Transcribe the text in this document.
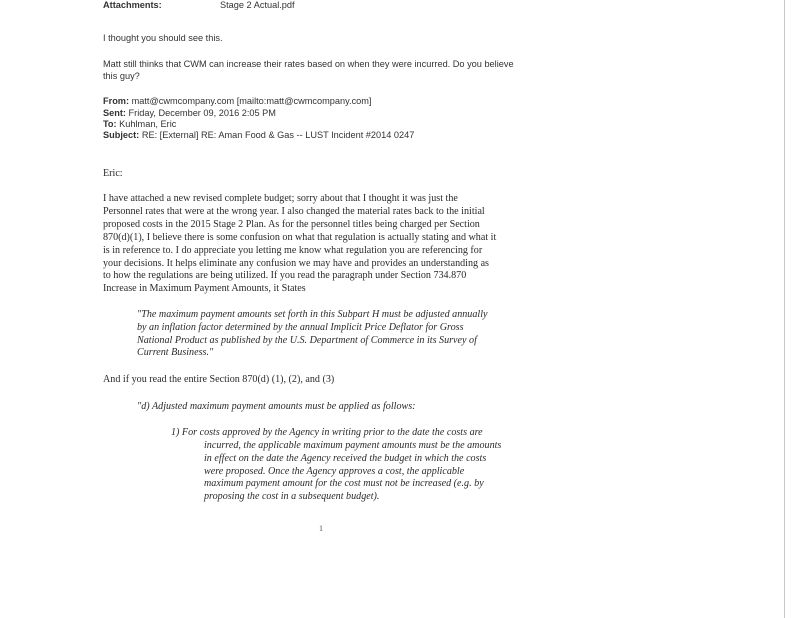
Attachments:	Stage 2 Actual.pdf
I thought you should see this.
Matt still thinks that CWM can increase their rates based on when they were incurred. Do you believe
this guy?
From: matt@cwmcompany.com [mailto:matt@cwmcompany.com]
Sent: Friday, December 09, 2016 2:05 PM
To: Kuhlman, Eric
Subject: RE: [External] RE: Aman Food & Gas -- LUST Incident #2014 0247
Eric:
I have attached a new revised complete budget; sorry about that I thought it was just the
Personnel rates that were at the wrong year. I also changed the material rates back to the initial
proposed costs in the 2015 Stage 2 Plan. As for the personnel titles being charged per Section
870(d)(1), I believe there is some confusion on what that regulation is actually stating and what it
is in reference to. I do appreciate you letting me know what regulation you are referencing for
your decisions. It helps eliminate any confusion we may have and provides an understanding as
to how the regulations are being utilized. If you read the paragraph under Section 734.870
Increase in Maximum Payment Amounts, it States
"The maximum payment amounts set forth in this Subpart H must be adjusted annually
by an inflation factor determined by the annual Implicit Price Deflator for Gross
National Product as published by the U.S. Department of Commerce in its Survey of
Current Business."
And if you read the entire Section 870(d) (1), (2), and (3)
"d) Adjusted maximum payment amounts must be applied as follows:
1) For costs approved by the Agency in writing prior to the date the costs are
incurred, the applicable maximum payment amounts must be the amounts
in effect on the date the Agency received the budget in which the costs
were proposed. Once the Agency approves a cost, the applicable
maximum payment amount for the cost must not be increased (e.g. by
proposing the cost in a subsequent budget).
1
